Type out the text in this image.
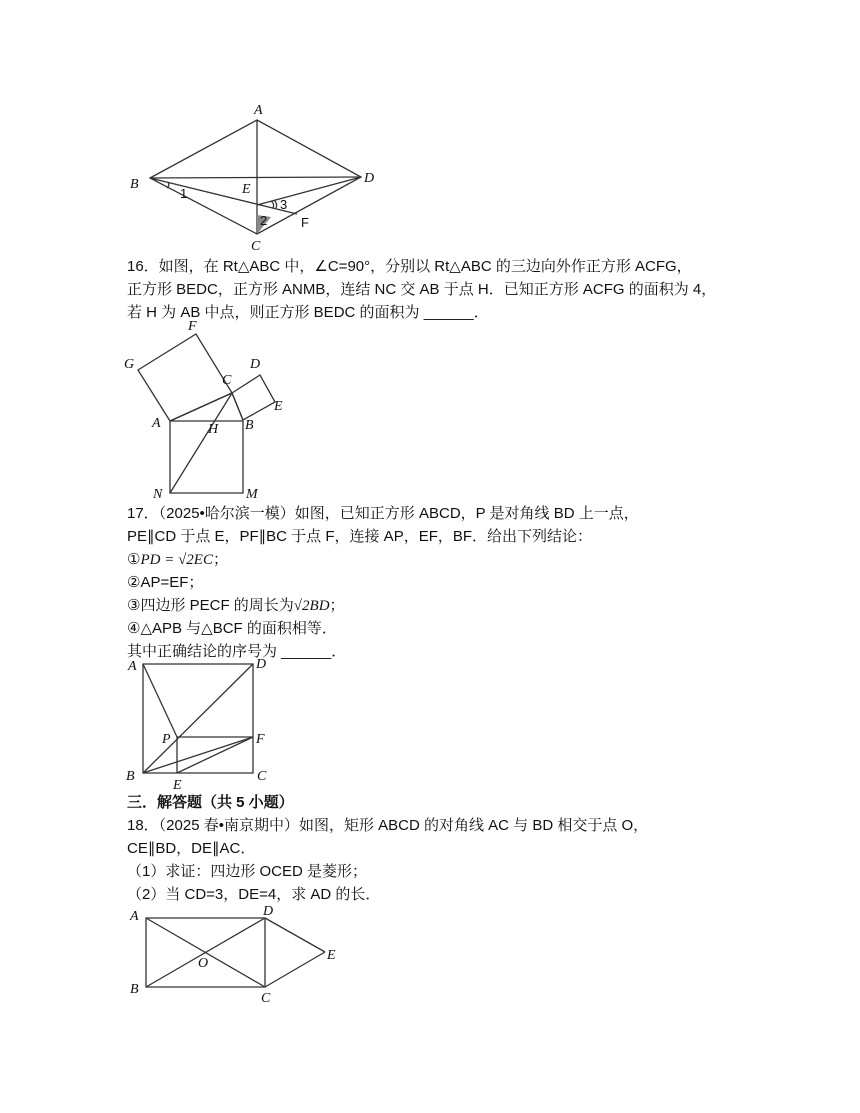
A
B
C
D
E
F
1
2
3

16．如图，在 Rt△ABC 中，∠C=90°，分别以 Rt△ABC 的三边向外作正方形 ACFG，

正方形 BEDC，正方形 ANMB，连结 NC 交 AB 于点 H．已知正方形 ACFG 的面积为 4，

若 H 为 AB 中点，则正方形 BEDC 的面积为 ______．

F
G
C
D
E
A	H B
N	M

17．（2025•哈尔滨一模）如图，已知正方形 ABCD，P 是对角线 BD 上一点，

PE∥CD 于点 E，PF∥BC 于点 F，连接 AP，EF，BF．给出下列结论：

①PD = √2EC；

②AP=EF；

③四边形 PECF 的周长为√2BD；

④△APB 与△BCF 的面积相等．

其中正确结论的序号为 ______．

A	D
P	F
B
E
C

三．解答题（共 5 小题）

18．（2025 春•南京期中）如图，矩形 ABCD 的对角线 AC 与 BD 相交于点 O，

CE∥BD，DE∥AC．

（1）求证：四边形 OCED 是菱形；

（2）当 CD=3，DE=4，求 AD 的长．

A	D
O
E
B
C
